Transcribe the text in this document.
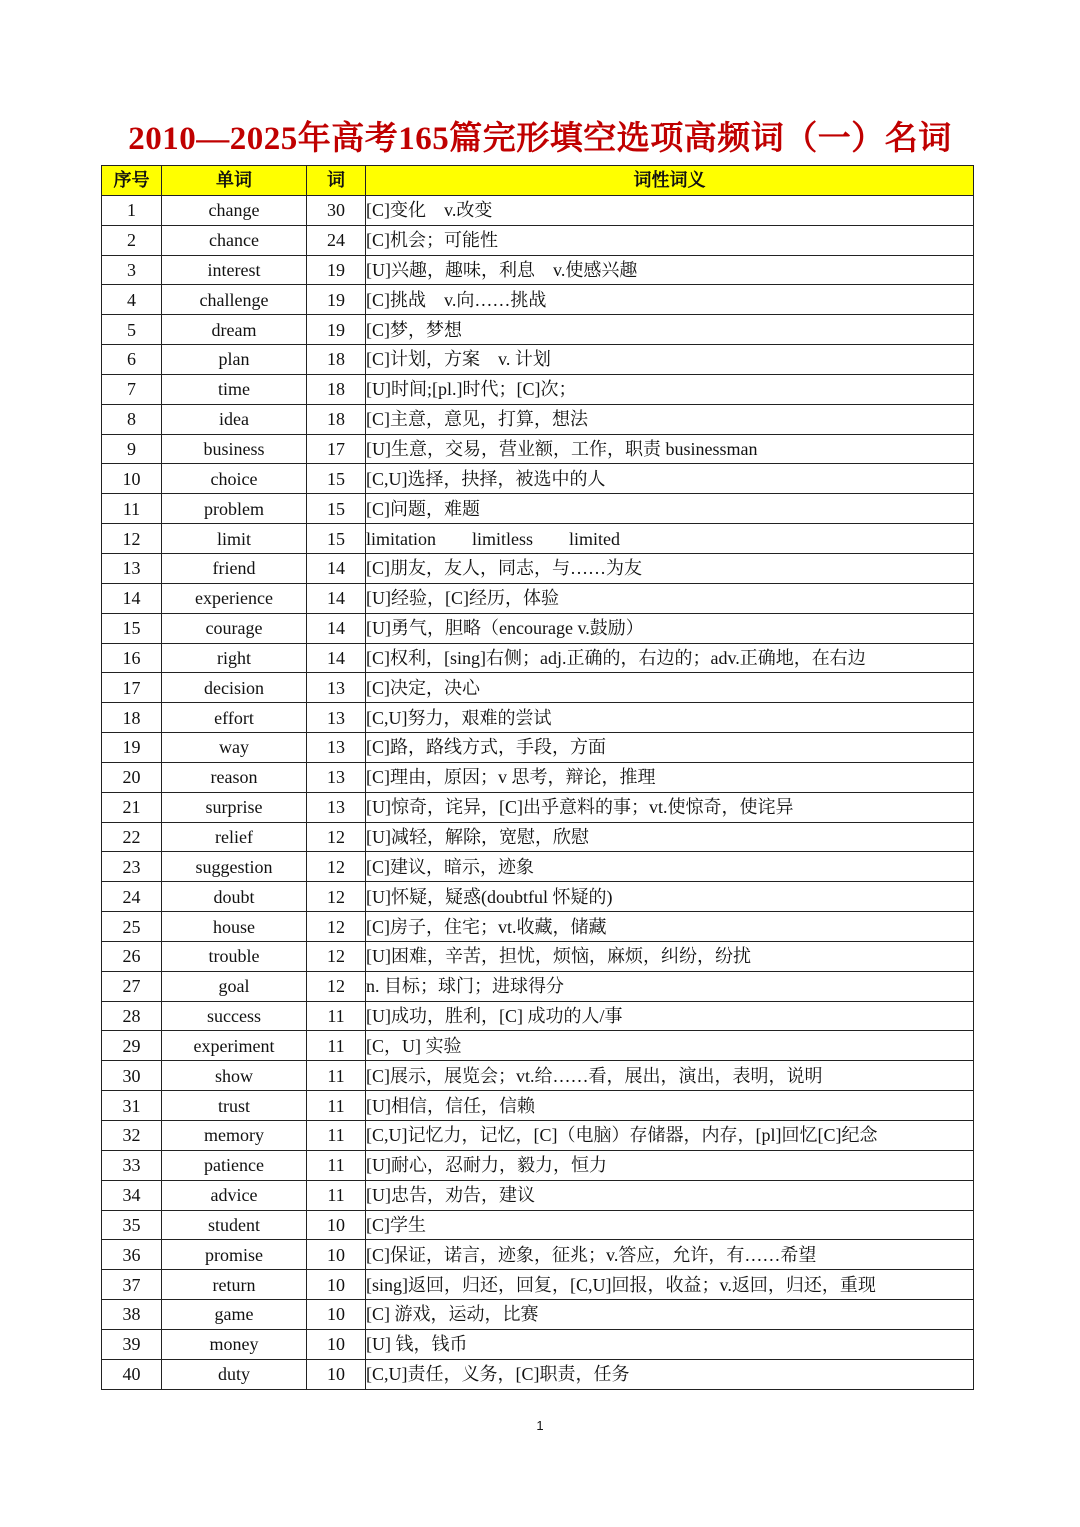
2010—2025年高考165篇完形填空选项高频词（一）名词
序号	单词	词	词性词义
1	change	30	[C]变化　v.改变
2	chance	24	[C]机会；可能性
3	interest	19	[U]兴趣，趣味，利息　v.使感兴趣
4	challenge	19	[C]挑战　v.向……挑战
5	dream	19	[C]梦，梦想
6	plan	18	[C]计划，方案　v. 计划
7	time	18	[U]时间;[pl.]时代；[C]次；
8	idea	18	[C]主意，意见，打算，想法
9	business	17	[U]生意，交易，营业额，工作，职责 businessman
10	choice	15	[C,U]选择，抉择，被选中的人
11	problem	15	[C]问题，难题
12	limit	15	limitation　　limitless　　limited
13	friend	14	[C]朋友，友人，同志，与……为友
14	experience	14	[U]经验，[C]经历，体验
15	courage	14	[U]勇气，胆略（encourage v.鼓励）
16	right	14	[C]权利，[sing]右侧；adj.正确的，右边的；adv.正确地，在右边
17	decision	13	[C]决定，决心
18	effort	13	[C,U]努力，艰难的尝试
19	way	13	[C]路，路线方式，手段，方面
20	reason	13	[C]理由，原因；v 思考，辩论，推理
21	surprise	13	[U]惊奇，诧异，[C]出乎意料的事；vt.使惊奇，使诧异
22	relief	12	[U]减轻，解除，宽慰，欣慰
23	suggestion	12	[C]建议，暗示，迹象
24	doubt	12	[U]怀疑，疑惑(doubtful 怀疑的)
25	house	12	[C]房子，住宅；vt.收藏，储藏
26	trouble	12	[U]困难，辛苦，担忧，烦恼，麻烦，纠纷，纷扰
27	goal	12	n. 目标；球门；进球得分
28	success	11	[U]成功，胜利，[C] 成功的人/事
29	experiment	11	[C，U] 实验
30	show	11	[C]展示，展览会；vt.给……看，展出，演出，表明，说明
31	trust	11	[U]相信，信任，信赖
32	memory	11	[C,U]记忆力，记忆，[C]（电脑）存储器，内存，[pl]回忆[C]纪念
33	patience	11	[U]耐心，忍耐力，毅力，恒力
34	advice	11	[U]忠告，劝告，建议
35	student	10	[C]学生
36	promise	10	[C]保证，诺言，迹象，征兆；v.答应，允许，有……希望
37	return	10	[sing]返回，归还，回复，[C,U]回报，收益；v.返回，归还，重现
38	game	10	[C] 游戏，运动，比赛
39	money	10	[U] 钱，钱币
40	duty	10	[C,U]责任，义务，[C]职责，任务
1
